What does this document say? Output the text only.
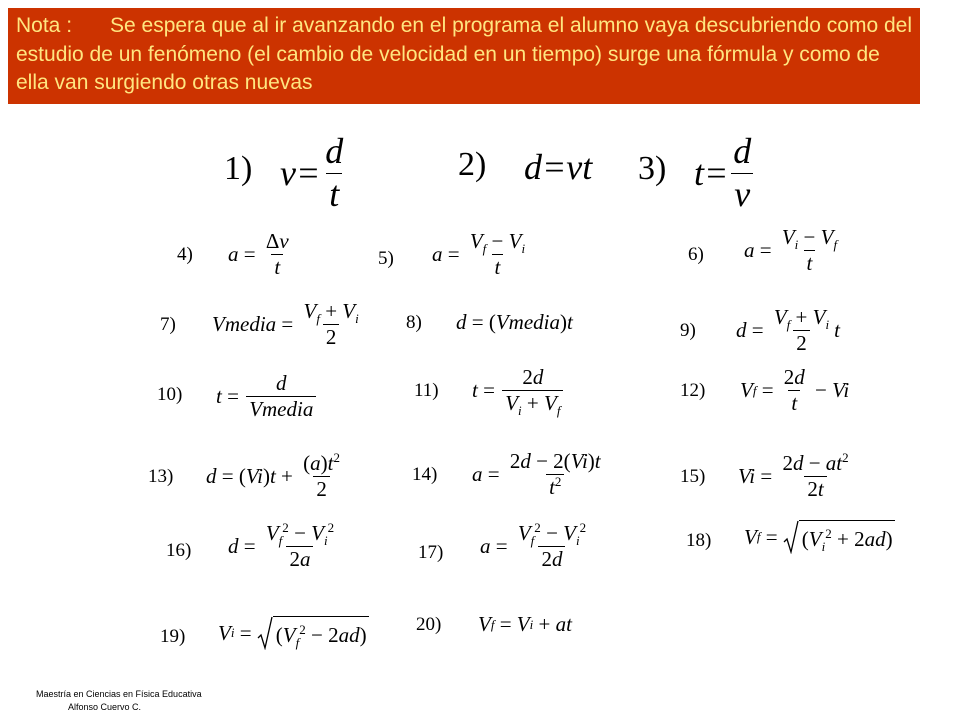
Nota : Se espera que al ir avanzando en el programa el alumno vaya descubriendo como del estudio de un fenómeno (el cambio de velocidad en un tiempo) surge una fórmula y como de ella van surgiendo otras nuevas
1) $v= \frac{d}{t}$	2) d=vt 3) $t= \frac{d}{v}$
4) $a = \frac{\Delta v}{t}$	5) $a = \frac{V_f - V_i}{t}$	6) $a = \frac{V_i - V_f}{t}$
7) Vmedia = $\frac{V_f + V_i}{2} 8$) d = ( Vmedia ) t	9) $d = \frac{V_f + V_i}{2}$ t
10) $t = \frac{d}{\text{Vmedia}}$	11) $t = \frac{2d}{V_i + V_f}$	12) V $f = \frac{2d}{t} - Vi$
13) d = ( Vi ) $t + \frac{(a)t^2}{2}$	14) $a = \frac{2d - 2(Vi)t}{t^2}$	15) $Vi = \frac{2d - at^2}{2t}$
16) $d = \frac{V_f^2 - V_i^2}{2a}$	17) $a = \frac{V_f^2 - V_i^2}{2d}$	18) V $f = (V_i^2 + 2ad)$
19) V $i = (V_f^2 - 2ad)$	20) V f = V i + at
Maestría en Ciencias en Física Educativa
Alfonso Cuervo C.
